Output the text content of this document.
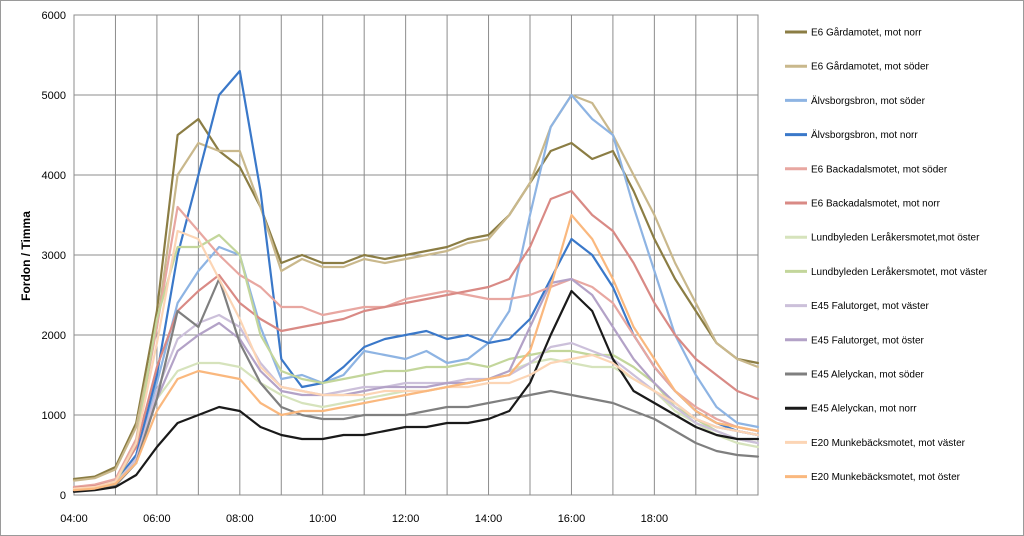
0
1000
2000
3000
4000
5000
6000
04:00	06:00	08:00	10:00	12:00	14:00	16:00	18:00
Fordon / Timma
E6 Gårdamotet, mot norr
E6 Gårdamotet, mot söder
Älvsborgsbron, mot söder
Älvsborgsbron, mot norr
E6 Backadalsmotet, mot söder
E6 Backadalsmotet, mot norr
Lundbyleden Leråkersmotet,mot öster
Lundbyleden Leråkersmotet, mot väster
E45 Falutorget, mot väster
E45 Falutorget, mot öster
E45 Alelyckan, mot söder
E45 Alelyckan, mot norr
E20 Munkebäcksmotet, mot väster
E20 Munkebäcksmotet, mot öster
